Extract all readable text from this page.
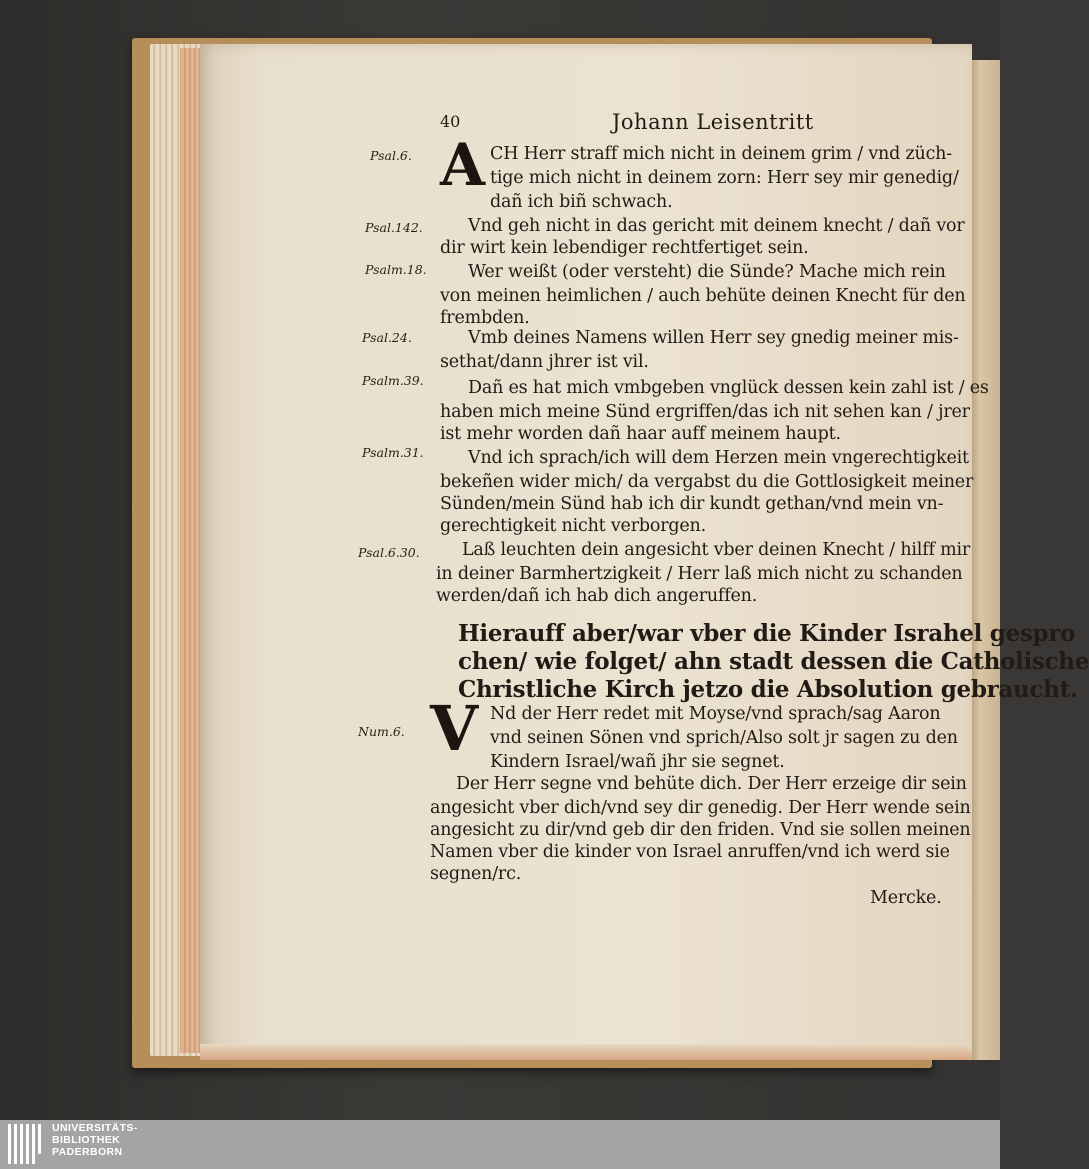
40	Johann Leisentritt
Psal.6.
Psal.142.
Psalm.18.
Psal.24.
Psalm.39.
Psalm.31.
Psal.6.30.
Num.6.
A CH Herr straff mich nicht in deinem grim / vnd züch-
tige mich nicht in deinem zorn: Herr sey mir genedig/
dañ ich biñ schwach.
Vnd geh nicht in das gericht mit deinem knecht / dañ vor
dir wirt kein lebendiger rechtfertiget sein.
Wer weißt (oder versteht) die Sünde? Mache mich rein
von meinen heimlichen / auch behüte deinen Knecht für den
frembden.
Vmb deines Namens willen Herr sey gnedig meiner mis-
sethat/dann jhrer ist vil.
Dañ es hat mich vmbgeben vnglück dessen kein zahl ist / es
haben mich meine Sünd ergriffen/das ich nit sehen kan / jrer
ist mehr worden dañ haar auff meinem haupt.
Vnd ich sprach/ich will dem Herzen mein vngerechtigkeit
bekeñen wider mich/ da vergabst du die Gottlosigkeit meiner
Sünden/mein Sünd hab ich dir kundt gethan/vnd mein vn-
gerechtigkeit nicht verborgen.
Laß leuchten dein angesicht vber deinen Knecht / hilff mir
in deiner Barmhertzigkeit / Herr laß mich nicht zu schanden
werden/dañ ich hab dich angeruffen.
Hierauff aber/war vber die Kinder Israhel gespro
chen/ wie folget/ ahn stadt dessen die Catholische
Christliche Kirch jetzo die Absolution gebraucht.
V Nd der Herr redet mit Moyse/vnd sprach/sag Aaron
vnd seinen Sönen vnd sprich/Also solt jr sagen zu den
Kindern Israel/wañ jhr sie segnet.
Der Herr segne vnd behüte dich. Der Herr erzeige dir sein
angesicht vber dich/vnd sey dir genedig. Der Herr wende sein
angesicht zu dir/vnd geb dir den friden. Vnd sie sollen meinen
Namen vber die kinder von Israel anruffen/vnd ich werd sie
segnen/rc.
Mercke.
UNIVERSITÄTS-
BIBLIOTHEK
PADERBORN
